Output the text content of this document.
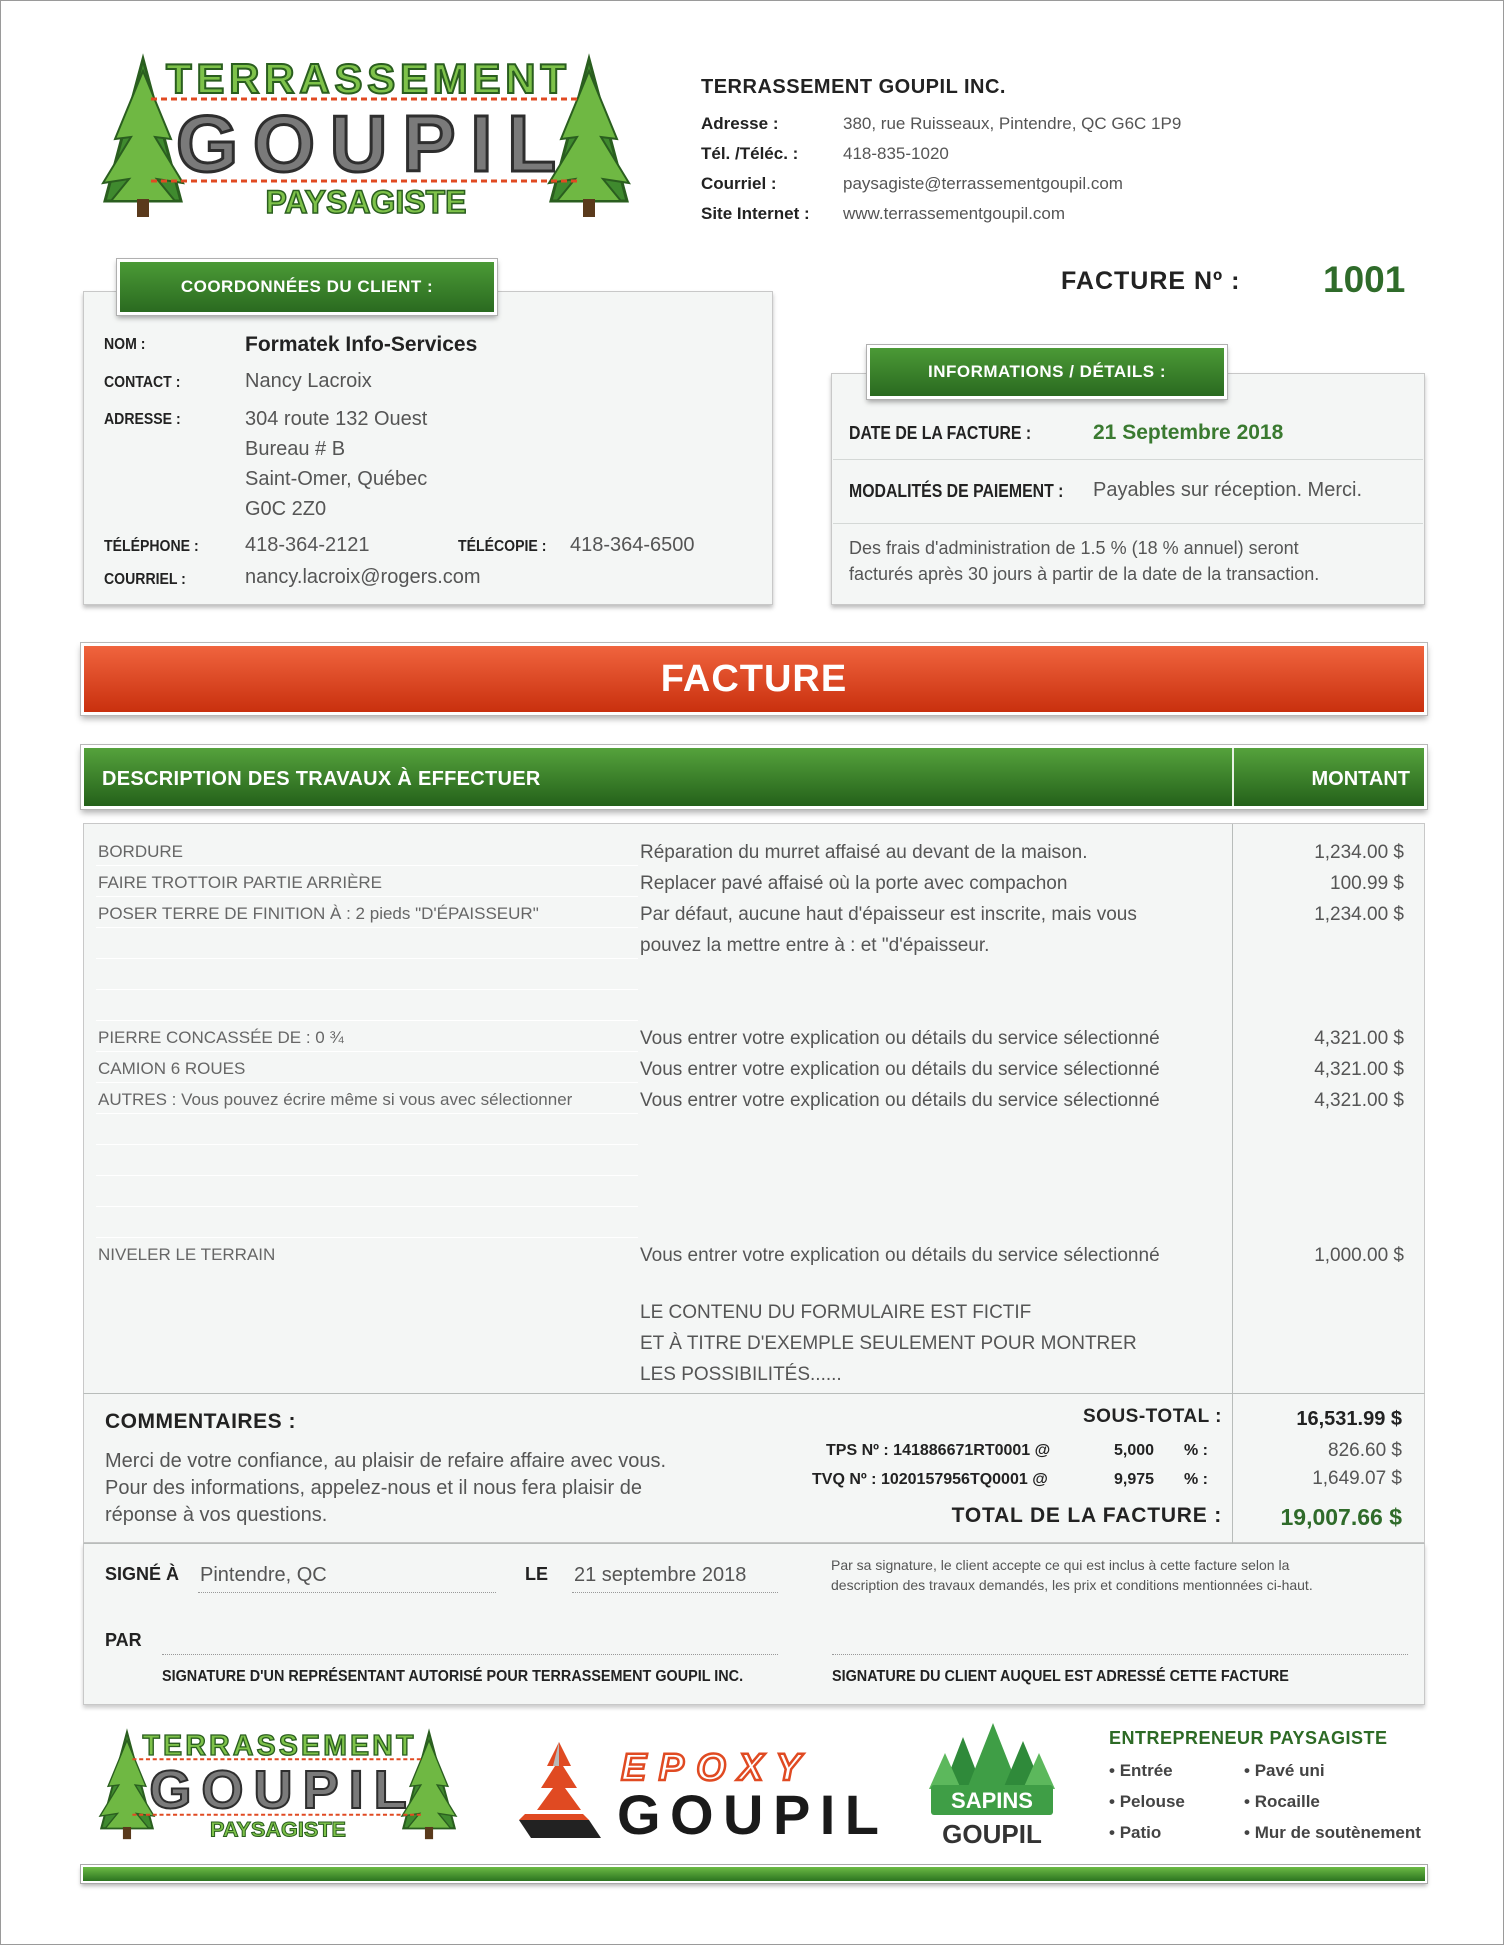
TERRASSEMENT
GOUPIL
PAYSAGISTE
TERRASSEMENT GOUPIL INC.
Adresse :	380, rue Ruisseaux, Pintendre, QC G6C 1P9
Tél. /Téléc. :	418-835-1020
Courriel :	paysagiste@terrassementgoupil.com
Site Internet :	www.terrassementgoupil.com
COORDONNÉES DU CLIENT :
NOM :	Formatek Info-Services
CONTACT :	Nancy Lacroix
ADRESSE :	304 route 132 Ouest
Bureau # B
Saint-Omer, Québec
G0C 2Z0
TÉLÉPHONE : 418-364-2121	TÉLÉCOPIE : 418-364-6500
COURRIEL :	nancy.lacroix@rogers.com
FACTURE Nº : 1001
INFORMATIONS / DÉTAILS :
DATE DE LA FACTURE :	21 Septembre 2018
MODALITÉS DE PAIEMENT : Payables sur réception. Merci.
Des frais d'administration de 1.5 % (18 % annuel) seront
facturés après 30 jours à partir de la date de la transaction.
FACTURE
DESCRIPTION DES TRAVAUX À EFFECTUER	MONTANT
BORDURE	Réparation du murret affaisé au devant de la maison.	1,234.00 $
FAIRE TROTTOIR PARTIE ARRIÈRE	Replacer pavé affaisé où la porte avec compachon	100.99 $
POSER TERRE DE FINITION À : 2 pieds "D'ÉPAISSEUR"	Par défaut, aucune haut d'épaisseur est inscrite, mais vous	1,234.00 $
pouvez la mettre entre à : et "d'épaisseur.
PIERRE CONCASSÉE DE : 0 ¾	Vous entrer votre explication ou détails du service sélectionné	4,321.00 $
CAMION 6 ROUES	Vous entrer votre explication ou détails du service sélectionné	4,321.00 $
AUTRES : Vous pouvez écrire même si vous avec sélectionner	Vous entrer votre explication ou détails du service sélectionné	4,321.00 $
NIVELER LE TERRAIN	Vous entrer votre explication ou détails du service sélectionné	1,000.00 $
LE CONTENU DU FORMULAIRE EST FICTIF
ET À TITRE D'EXEMPLE SEULEMENT POUR MONTRER
LES POSSIBILITÉS......
COMMENTAIRES :
Merci de votre confiance, au plaisir de refaire affaire avec vous.
Pour des informations, appelez-nous et il nous fera plaisir de
réponse à vos questions.
SOUS-TOTAL :	16,531.99 $
TPS Nº : 141886671RT0001 @	5,000 % :	826.60 $
TVQ Nº : 1020157956TQ0001 @	9,975 % :	1,649.07 $
TOTAL DE LA FACTURE :	19,007.66 $
SIGNÉ À Pintendre, QC	LE 21 septembre 2018	Par sa signature, le client accepte ce qui est inclus à cette facture selon la
description des travaux demandés, les prix et conditions mentionnées ci-haut.
PAR
SIGNATURE D'UN REPRÉSENTANT AUTORISÉ POUR TERRASSEMENT GOUPIL INC.	SIGNATURE DU CLIENT AUQUEL EST ADRESSÉ CETTE FACTURE
TERRASSEMENT
GOUPIL
PAYSAGISTE
EPOXY
GOUPIL	SAPINS
GOUPIL
ENTREPRENEUR PAYSAGISTE
• Entrée
• Pelouse
• Patio
• Pavé uni
• Rocaille
• Mur de soutènement
